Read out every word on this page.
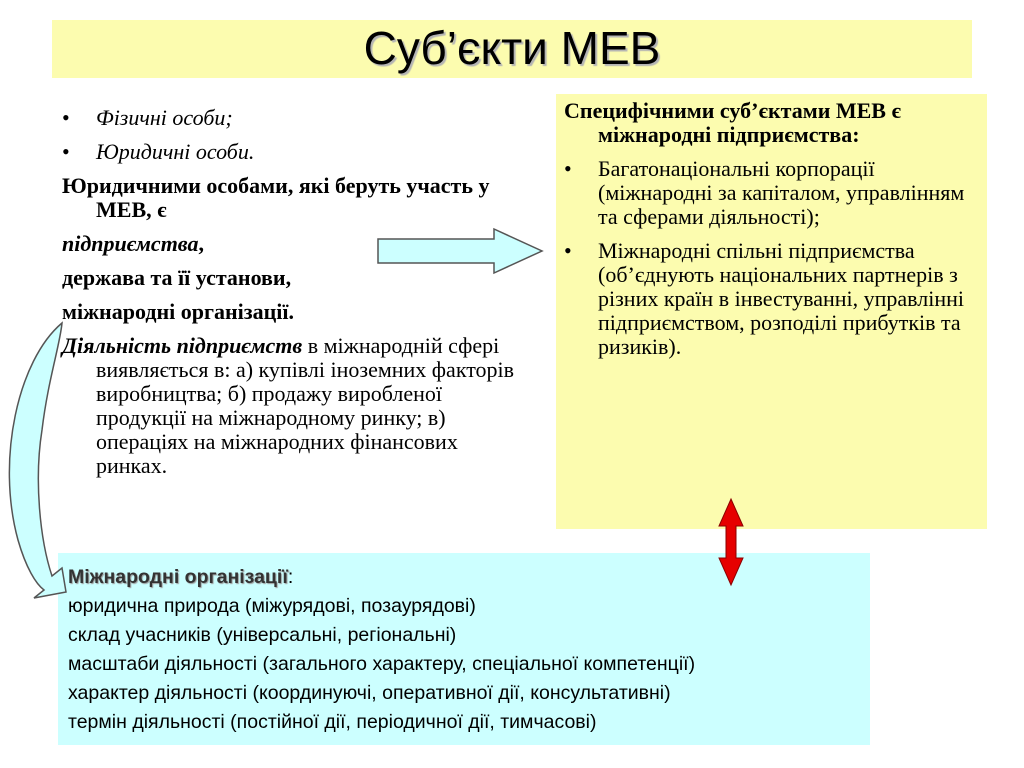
Суб’єкти МЕВ
• Фізичні особи;
• Юридичні особи.
Юридичними особами, які беруть участь у МЕВ, є
підприємства,
держава та її установи,
міжнародні організації.
Діяльність підприємств в міжнародній сфері виявляється в: а) купівлі іноземних факторів виробництва; б) продажу виробленої продукції на міжнародному ринку; в) операціях на міжнародних фінансових ринках.
Специфічними суб’єктами МЕВ є міжнародні підприємства:
• Багатонаціональні корпорації (міжнародні за капіталом, управлінням та сферами діяльності);
• Міжнародні спільні підприємства (об’єднують національних партнерів з різних країн в інвестуванні, управлінні підприємством, розподілі прибутків та ризиків).
Міжнародні організації:
юридична природа (міжурядові, позаурядові)
склад учасників (універсальні, регіональні)
масштаби діяльності (загального характеру, спеціальної компетенції)
характер діяльності (координуючі, оперативної дії, консультативні)
термін діяльності (постійної дії, періодичної дії, тимчасові)
